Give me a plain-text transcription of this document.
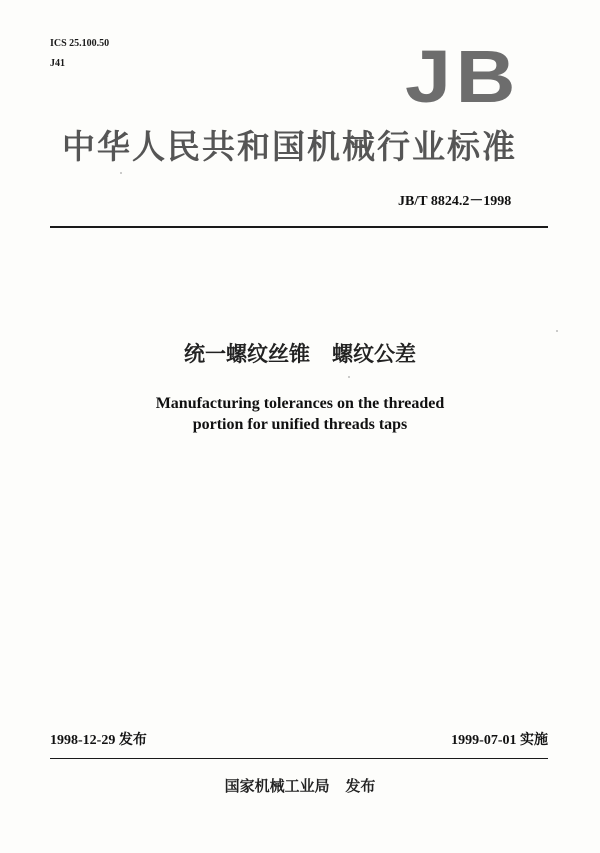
ICS 25.100.50
J41	JB
中华人民共和国机械行业标准
JB/T 8824.2－1998
统一螺纹丝锥   螺纹公差
Manufacturing tolerances on the threaded
portion for unified threads taps
1998-12-29 发布	1999-07-01 实施
国家机械工业局   发布
